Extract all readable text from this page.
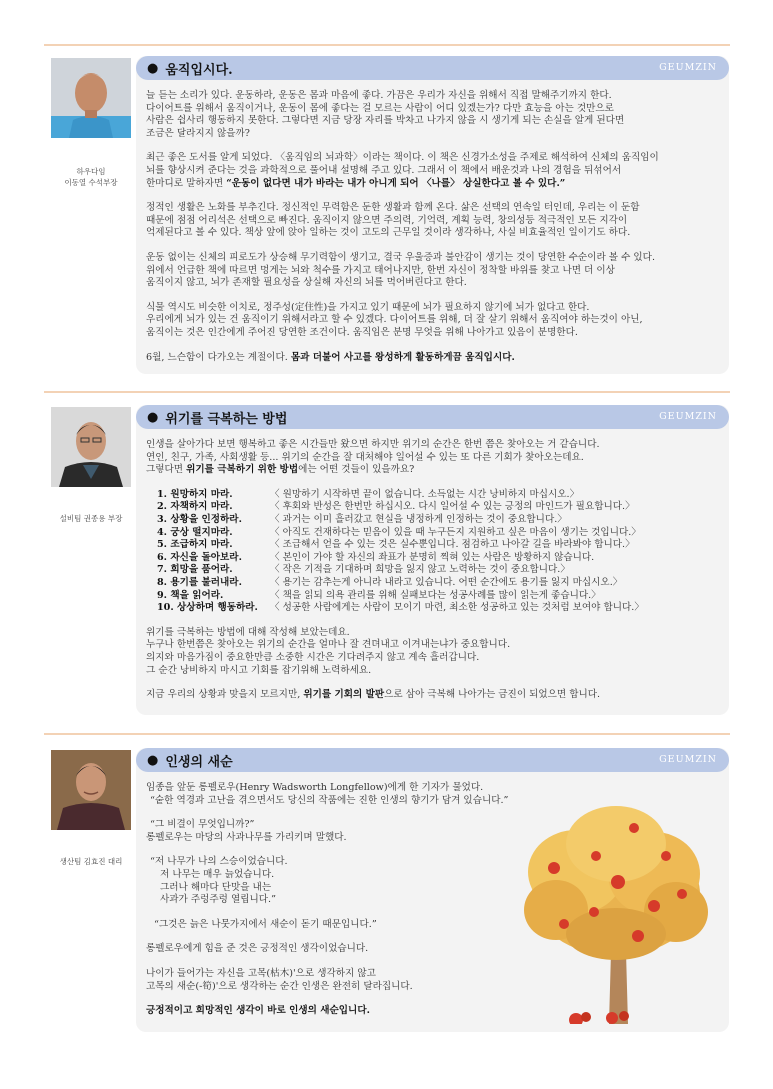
하우다임
이동열 수석부장
● 움직입시다.	GEUMZIN

늘 듣는 소리가 있다. 운동하라, 운동은 몸과 마음에 좋다. 가끔은 우리가 자신을 위해서 직접 말해주기까지 한다.
다이어트를 위해서 움직이거나, 운동이 몸에 좋다는 걸 모르는 사람이 어디 있겠는가? 다만 효능을 아는 것만으로
사람은 쉽사리 행동하지 못한다. 그렇다면 지금 당장 자리를 박차고 나가지 않을 시 생기게 되는 손실을 알게 된다면
조금은 달라지지 않을까?

최근 좋은 도서를 알게 되었다. 〈움직임의 뇌과학〉이라는 책이다. 이 책은 신경가소성을 주제로 해석하여 신체의 움직임이
뇌를 향상시켜 준다는 것을 과학적으로 풀어내 설명해 주고 있다. 그래서 이 책에서 배운것과 나의 경험을 뒤섞어서
한마디로 말하자면 “운동이 없다면 내가 바라는 내가 아니게 되어 〈나를〉 상실한다고 볼 수 있다.”

정적인 생활은 노화를 부추긴다. 정신적인 무력함은 둔한 생활과 함께 온다. 삶은 선택의 연속일 터인데, 우리는 이 둔함
때문에 점점 어리석은 선택으로 빠진다. 움직이지 않으면 주의력, 기억력, 계획 능력, 창의성등 적극적인 모든 지각이
억제된다고 볼 수 있다. 책상 앞에 앉아 일하는 것이 고도의 근무일 것이라 생각하나, 사실 비효율적인 일이기도 하다.

운동 없이는 신체의 피로도가 상승해 무기력함이 생기고, 결국 우울증과 불안감이 생기는 것이 당연한 수순이라 볼 수 있다.
위에서 언급한 책에 따르면 멍게는 뇌와 척수를 가지고 태어나지만, 한번 자신이 정착할 바위를 찾고 나면 더 이상
움직이지 않고, 뇌가 존재할 필요성을 상실해 자신의 뇌를 먹어버린다고 한다.

식물 역시도 비슷한 이치로, 정주성(定住性)을 가지고 있기 때문에 뇌가 필요하지 않기에 뇌가 없다고 한다.
우리에게 뇌가 있는 건 움직이기 위해서라고 할 수 있겠다. 다이어트를 위해, 더 잘 살기 위해서 움직여야 하는것이 아닌,
움직이는 것은 인간에게 주어진 당연한 조건이다. 움직임은 분명 무엇을 위해 나아가고 있음이 분명한다.

6월, 느슨함이 다가오는 계절이다. 몸과 더불어 사고를 왕성하게 활동하게끔 움직입시다.

설비팀 권종용 부장
● 위기를 극복하는 방법	GEUMZIN

인생을 살아가다 보면 행복하고 좋은 시간들만 왔으면 하지만 위기의 순간은 한번 쯤은 찾아오는 거 같습니다.
연인, 친구, 가족, 사회생활 등... 위기의 순간을 잘 대처해야 일어설 수 있는 또 다른 기회가 찾아오는데요.
그렇다면 위기를 극복하기 위한 방법에는 어떤 것들이 있을까요?

1. 원망하지 마라.	〈 원망하기 시작하면 끝이 없습니다. 소득없는 시간 낭비하지 마십시오.〉
2. 자책하지 마라.	〈 후회와 반성은 한번만 하십시오. 다시 일어설 수 있는 긍정의 마인드가 필요합니다.〉
3. 상황을 인정하라.	〈 과거는 이미 흘러갔고 현실을 냉정하게 인정하는 것이 중요합니다.〉
4. 궁상 떨지마라.	〈 아직도 건재하다는 믿음이 있을 때 누구든지 지원하고 싶은 마음이 생기는 것입니다.〉
5. 조급하지 마라.	〈 조급해서 얻을 수 있는 것은 실수뿐입니다. 점검하고 나아갈 길을 바라봐야 합니다.〉
6. 자신을 돌아보라.	〈 본인이 가야 할 자신의 좌표가 분명히 찍혀 있는 사람은 방황하지 않습니다.
7. 희망을 품어라.	〈 작은 기적을 기대하며 희망을 잃지 않고 노력하는 것이 중요합니다.〉
8. 용기를 불러내라.	〈 용기는 감추는게 아니라 내라고 있습니다. 어떤 순간에도 용기를 잃지 마십시오.〉
9. 책을 읽어라.	〈 책을 읽되 의욕 관리를 위해 실패보다는 성공사례를 많이 읽는게 좋습니다.〉
10. 상상하며 행동하라.	〈 성공한 사람에게는 사람이 모이기 마련, 최소한 성공하고 있는 것처럼 보여야 합니다.〉

위기를 극복하는 방법에 대해 작성해 보았는데요.
누구나 한번쯤은 찾아오는 위기의 순간을 얼마나 잘 견뎌내고 이겨내는냐가 중요합니다.
의지와 마음가짐이 중요한만큼 소중한 시간은 기다려주지 않고 계속 흘러갑니다.
그 순간 낭비하지 마시고 기회를 잡기위해 노력하세요.

지금 우리의 상황과 맞을지 모르지만, 위기를 기회의 발판으로 삼아 극복해 나아가는 금진이 되었으면 합니다.

생산팀 김효진 대리
● 인생의 새순	GEUMZIN

임종을 앞둔 롱펠로우(Henry Wadsworth Longfellow)에게 한 기자가 물었다.
“숱한 역경과 고난을 겪으면서도 당신의 작품에는 진한 인생의 향기가 담겨 있습니다.”

“그 비결이 무엇입니까?”
롱펠로우는 마당의 사과나무를 가리키며 말했다.

“저 나무가 나의 스승이었습니다.
저 나무는 매우 늙었습니다.
그러나 해마다 단맛을 내는
사과가 주렁주렁 열립니다.”

“그것은 늙은 나뭇가지에서 새순이 돋기 때문입니다.”

롱펠로우에게 힘을 준 것은 긍정적인 생각이었습니다.

나이가 들어가는 자신을 고목(枯木)'으로 생각하지 않고
고목의 새순(-筍)'으로 생각하는 순간 인생은 완전히 달라집니다.

긍정적이고 희망적인 생각이 바로 인생의 새순입니다.
